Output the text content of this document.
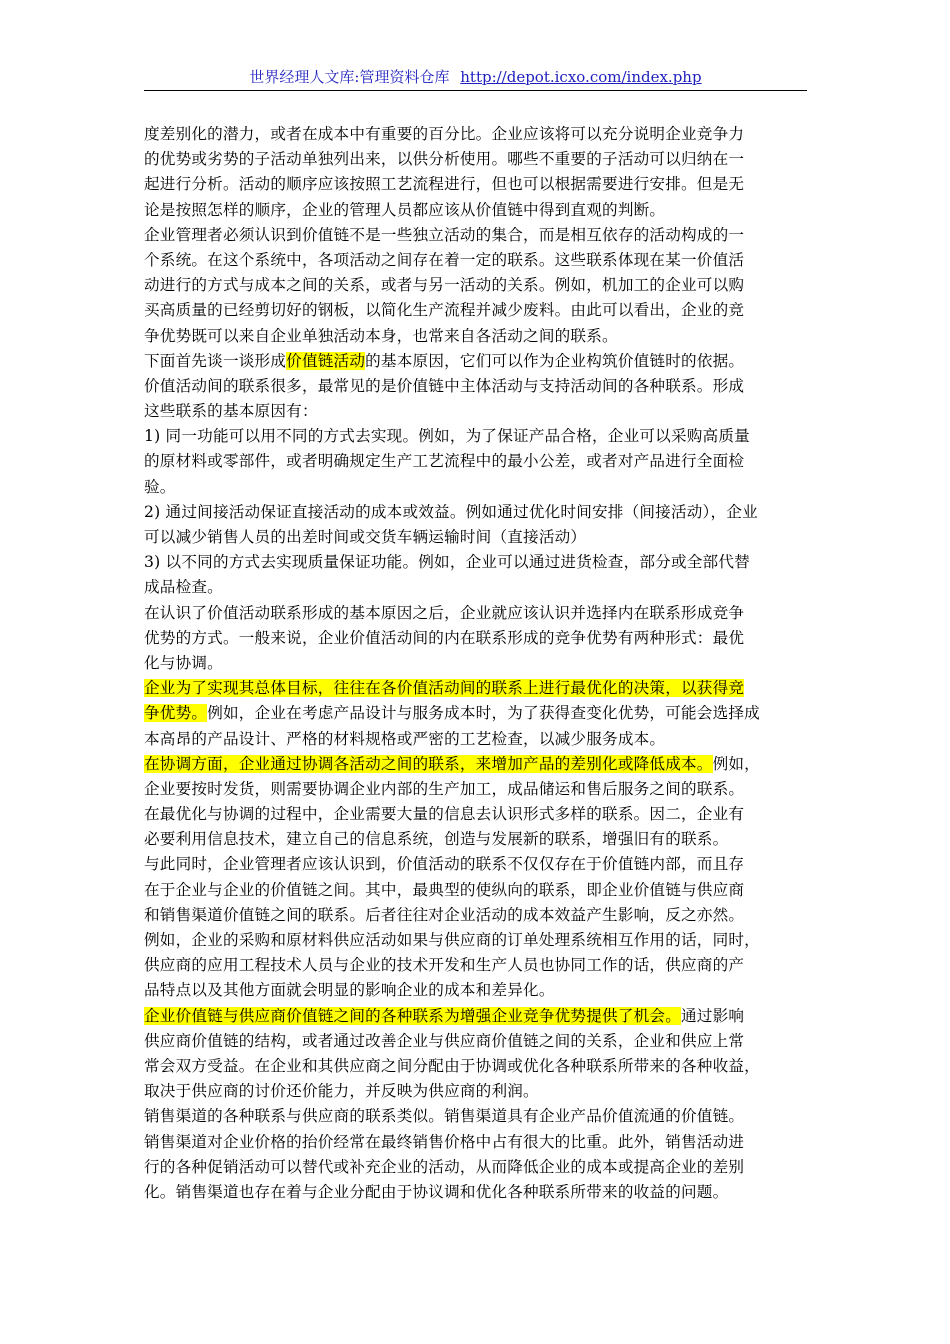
世界经理人文库:管理资料仓库 http://depot.icxo.com/index.php
度差别化的潜力，或者在成本中有重要的百分比。企业应该将可以充分说明企业竞争力
的优势或劣势的子活动单独列出来，以供分析使用。哪些不重要的子活动可以归纳在一
起进行分析。活动的顺序应该按照工艺流程进行，但也可以根据需要进行安排。但是无
论是按照怎样的顺序，企业的管理人员都应该从价值链中得到直观的判断。
企业管理者必须认识到价值链不是一些独立活动的集合，而是相互依存的活动构成的一
个系统。在这个系统中，各项活动之间存在着一定的联系。这些联系体现在某一价值活
动进行的方式与成本之间的关系，或者与另一活动的关系。例如，机加工的企业可以购
买高质量的已经剪切好的钢板，以简化生产流程并减少废料。由此可以看出，企业的竞
争优势既可以来自企业单独活动本身，也常来自各活动之间的联系。
下面首先谈一谈形成价值链活动的基本原因，它们可以作为企业构筑价值链时的依据。
价值活动间的联系很多，最常见的是价值链中主体活动与支持活动间的各种联系。形成
这些联系的基本原因有：
1) 同一功能可以用不同的方式去实现。例如，为了保证产品合格，企业可以采购高质量
的原材料或零部件，或者明确规定生产工艺流程中的最小公差，或者对产品进行全面检
验。
2) 通过间接活动保证直接活动的成本或效益。例如通过优化时间安排（间接活动），企业
可以减少销售人员的出差时间或交货车辆运输时间（直接活动）
3) 以不同的方式去实现质量保证功能。例如，企业可以通过进货检查，部分或全部代替
成品检查。
在认识了价值活动联系形成的基本原因之后，企业就应该认识并选择内在联系形成竞争
优势的方式。一般来说，企业价值活动间的内在联系形成的竞争优势有两种形式：最优
化与协调。
企业为了实现其总体目标，往往在各价值活动间的联系上进行最优化的决策，以获得竞
争优势。例如，企业在考虑产品设计与服务成本时，为了获得查变化优势，可能会选择成
本高昂的产品设计、严格的材料规格或严密的工艺检查，以减少服务成本。
在协调方面，企业通过协调各活动之间的联系，来增加产品的差别化或降低成本。例如，
企业要按时发货，则需要协调企业内部的生产加工，成品储运和售后服务之间的联系。
在最优化与协调的过程中，企业需要大量的信息去认识形式多样的联系。因二，企业有
必要利用信息技术，建立自己的信息系统，创造与发展新的联系，增强旧有的联系。
与此同时，企业管理者应该认识到，价值活动的联系不仅仅存在于价值链内部，而且存
在于企业与企业的价值链之间。其中，最典型的使纵向的联系，即企业价值链与供应商
和销售渠道价值链之间的联系。后者往往对企业活动的成本效益产生影响，反之亦然。
例如，企业的采购和原材料供应活动如果与供应商的订单处理系统相互作用的话，同时，
供应商的应用工程技术人员与企业的技术开发和生产人员也协同工作的话，供应商的产
品特点以及其他方面就会明显的影响企业的成本和差异化。
企业价值链与供应商价值链之间的各种联系为增强企业竞争优势提供了机会。通过影响
供应商价值链的结构，或者通过改善企业与供应商价值链之间的关系，企业和供应上常
常会双方受益。在企业和其供应商之间分配由于协调或优化各种联系所带来的各种收益，
取决于供应商的讨价还价能力，并反映为供应商的利润。
销售渠道的各种联系与供应商的联系类似。销售渠道具有企业产品价值流通的价值链。
销售渠道对企业价格的抬价经常在最终销售价格中占有很大的比重。此外，销售活动进
行的各种促销活动可以替代或补充企业的活动，从而降低企业的成本或提高企业的差别
化。销售渠道也存在着与企业分配由于协议调和优化各种联系所带来的收益的问题。
